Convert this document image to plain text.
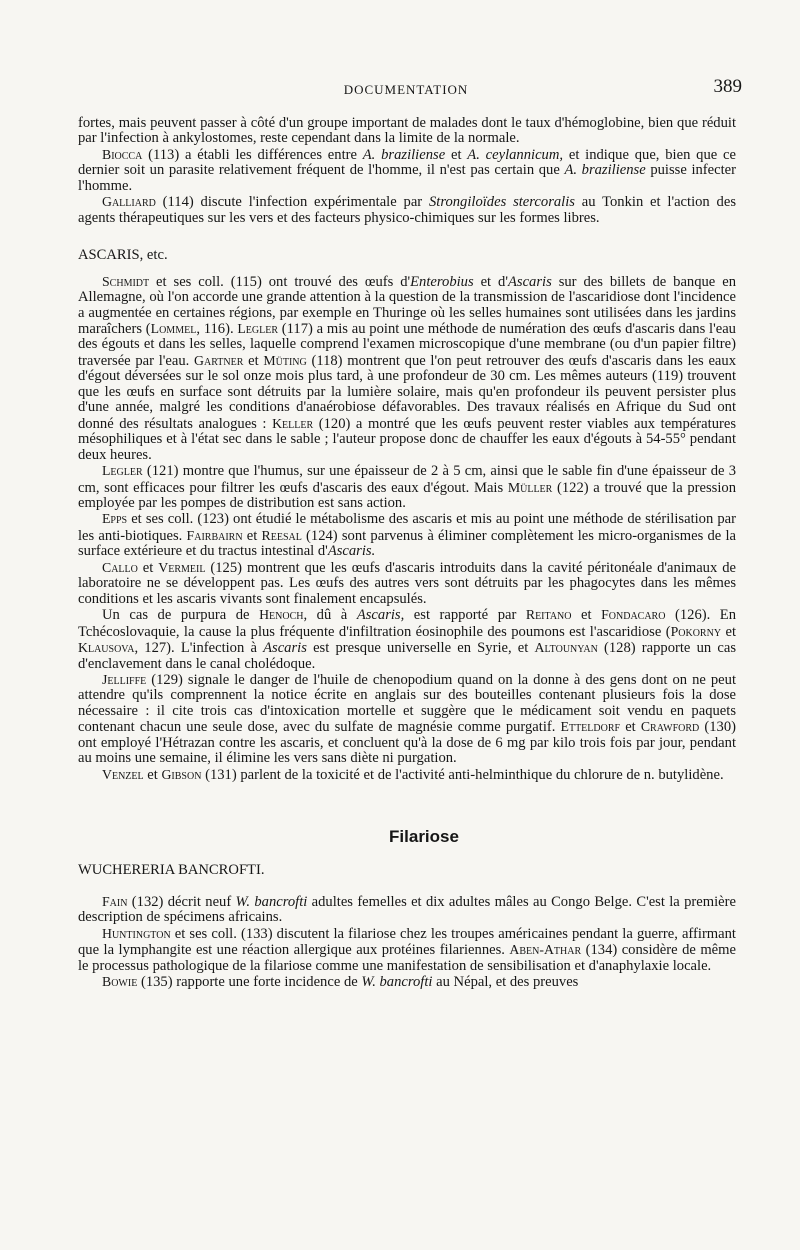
DOCUMENTATION	389

fortes, mais peuvent passer à côté d'un groupe important de malades dont le taux d'hémoglobine, bien que réduit par l'infection à ankylostomes, reste cependant dans la limite de la normale.

Biocca (113) a établi les différences entre A. braziliense et A. ceylannicum, et indique que, bien que ce dernier soit un parasite relativement fréquent de l'homme, il n'est pas certain que A. braziliense puisse infecter l'homme.

Galliard (114) discute l'infection expérimentale par Strongiloïdes stercoralis au Tonkin et l'action des agents thérapeutiques sur les vers et des facteurs physico-chimiques sur les formes libres.

ASCARIS, etc.

Schmidt et ses coll. (115) ont trouvé des œufs d'Enterobius et d'Ascaris sur des billets de banque en Allemagne, où l'on accorde une grande attention à la question de la transmission de l'ascaridiose dont l'incidence a augmentée en certaines régions, par exemple en Thuringe où les selles humaines sont utilisées dans les jardins maraîchers (Lommel, 116). Legler (117) a mis au point une méthode de numération des œufs d'ascaris dans l'eau des égouts et dans les selles, laquelle comprend l'examen microscopique d'une membrane (ou d'un papier filtre) traversée par l'eau. Gartner et Müting (118) montrent que l'on peut retrouver des œufs d'ascaris dans les eaux d'égout déversées sur le sol onze mois plus tard, à une profondeur de 30 cm. Les mêmes auteurs (119) trouvent que les œufs en surface sont détruits par la lumière solaire, mais qu'en profondeur ils peuvent persister plus d'une année, malgré les conditions d'anaérobiose défavorables. Des travaux réalisés en Afrique du Sud ont donné des résultats analogues : Keller (120) a montré que les œufs peuvent rester viables aux températures mésophiliques et à l'état sec dans le sable ; l'auteur propose donc de chauffer les eaux d'égouts à 54-55° pendant deux heures.

Legler (121) montre que l'humus, sur une épaisseur de 2 à 5 cm, ainsi que le sable fin d'une épaisseur de 3 cm, sont efficaces pour filtrer les œufs d'ascaris des eaux d'égout. Mais Müller (122) a trouvé que la pression employée par les pompes de distribution est sans action.

Epps et ses coll. (123) ont étudié le métabolisme des ascaris et mis au point une méthode de stérilisation par les anti-biotiques. Fairbairn et Reesal (124) sont parvenus à éliminer complètement les micro-organismes de la surface extérieure et du tractus intestinal d'Ascaris.

Callo et Vermeil (125) montrent que les œufs d'ascaris introduits dans la cavité péritonéale d'animaux de laboratoire ne se développent pas. Les œufs des autres vers sont détruits par les phagocytes dans les mêmes conditions et les ascaris vivants sont finalement encapsulés.

Un cas de purpura de Henoch, dû à Ascaris, est rapporté par Reitano et Fondacaro (126). En Tchécoslovaquie, la cause la plus fréquente d'infiltration éosinophile des poumons est l'ascaridiose (Pokorny et Klausova, 127). L'infection à Ascaris est presque universelle en Syrie, et Altounyan (128) rapporte un cas d'enclavement dans le canal cholédoque.

Jelliffe (129) signale le danger de l'huile de chenopodium quand on la donne à des gens dont on ne peut attendre qu'ils comprennent la notice écrite en anglais sur des bouteilles contenant plusieurs fois la dose nécessaire : il cite trois cas d'intoxication mortelle et suggère que le médicament soit vendu en paquets contenant chacun une seule dose, avec du sulfate de magnésie comme purgatif. Etteldorf et Crawford (130) ont employé l'Hétrazan contre les ascaris, et concluent qu'à la dose de 6 mg par kilo trois fois par jour, pendant au moins une semaine, il élimine les vers sans diète ni purgation.

Venzel et Gibson (131) parlent de la toxicité et de l'activité anti-helminthique du chlorure de n. butylidène.

Filariose

WUCHERERIA BANCROFTI.

Fain (132) décrit neuf W. bancrofti adultes femelles et dix adultes mâles au Congo Belge. C'est la première description de spécimens africains.

Huntington et ses coll. (133) discutent la filariose chez les troupes américaines pendant la guerre, affirmant que la lymphangite est une réaction allergique aux protéines filariennes. Aben-Athar (134) considère de même le processus pathologique de la filariose comme une manifestation de sensibilisation et d'anaphylaxie locale.

Bowie (135) rapporte une forte incidence de W. bancrofti au Népal, et des preuves
